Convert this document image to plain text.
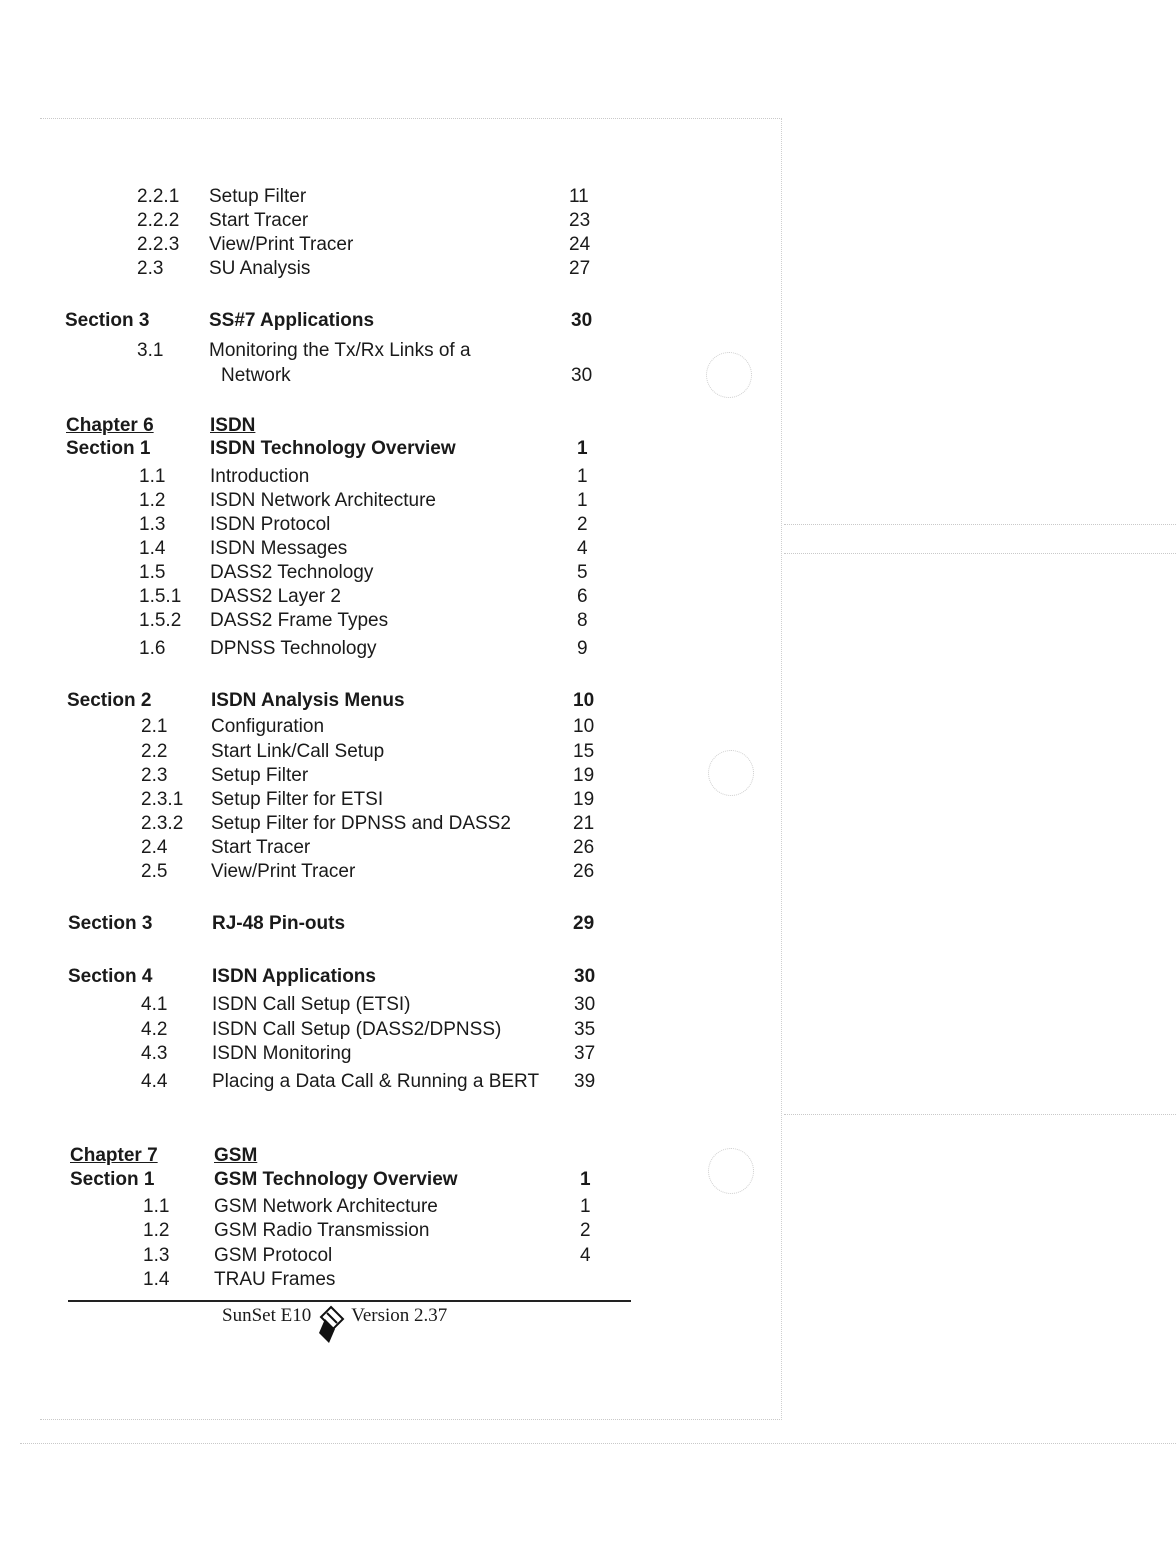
2.2.1 Setup Filter	11
2.2.2 Start Tracer	23
2.2.3 View/Print Tracer	24
2.3 SU Analysis	27
Section 3	SS#7 Applications	30
3.1 Monitoring the Tx/Rx Links of a
Network	30
Chapter 6	ISDN
Section 1	ISDN Technology Overview	1
1.1 Introduction	1
1.2 ISDN Network Architecture	1
1.3 ISDN Protocol	2
1.4 ISDN Messages	4
1.5 DASS2 Technology	5
1.5.1 DASS2 Layer 2	6
1.5.2 DASS2 Frame Types	8
1.6 DPNSS Technology	9
Section 2	ISDN Analysis Menus	10
2.1 Configuration	10
2.2 Start Link/Call Setup	15
2.3 Setup Filter	19
2.3.1 Setup Filter for ETSI	19
2.3.2 Setup Filter for DPNSS and DASS2	21
2.4 Start Tracer	26
2.5 View/Print Tracer	26
Section 3	RJ-48 Pin-outs	29
Section 4	ISDN Applications	30
4.1 ISDN Call Setup (ETSI)	30
4.2 ISDN Call Setup (DASS2/DPNSS)	35
4.3 ISDN Monitoring	37
4.4 Placing a Data Call & Running a BERT 39
Chapter 7	GSM
Section 1	GSM Technology Overview	1
1.1 GSM Network Architecture	1
1.2 GSM Radio Transmission	2
1.3 GSM Protocol	4
1.4 TRAU Frames
SunSet E10 Version 2.37
